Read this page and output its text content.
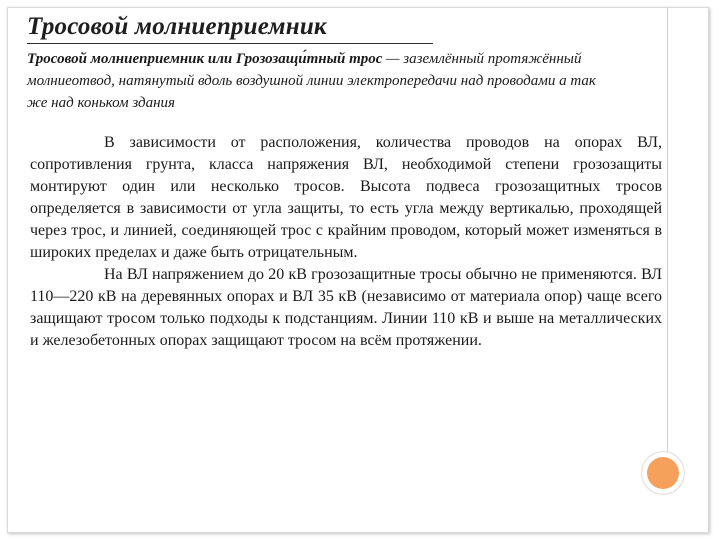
Тросовой молниеприемник

Тросовой молниеприемник или Грозозащи́тный трос — заземлённый протяжённый молниеотвод, натянутый вдоль воздушной линии электропередачи над проводами а так же над коньком здания

В зависимости от расположения, количества проводов на опорах ВЛ, сопротивления грунта, класса напряжения ВЛ, необходимой степени грозозащиты монтируют один или несколько тросов. Высота подвеса грозозащитных тросов определяется в зависимости от угла защиты, то есть угла между вертикалью, проходящей через трос, и линией, соединяющей трос с крайним проводом, который может изменяться в широких пределах и даже быть отрицательным.

На ВЛ напряжением до 20 кВ грозозащитные тросы обычно не применяются. ВЛ 110—220 кВ на деревянных опорах и ВЛ 35 кВ (независимо от материала опор) чаще всего защищают тросом только подходы к подстанциям. Линии 110 кВ и выше на металлических и железобетонных опорах защищают тросом на всём протяжении.
